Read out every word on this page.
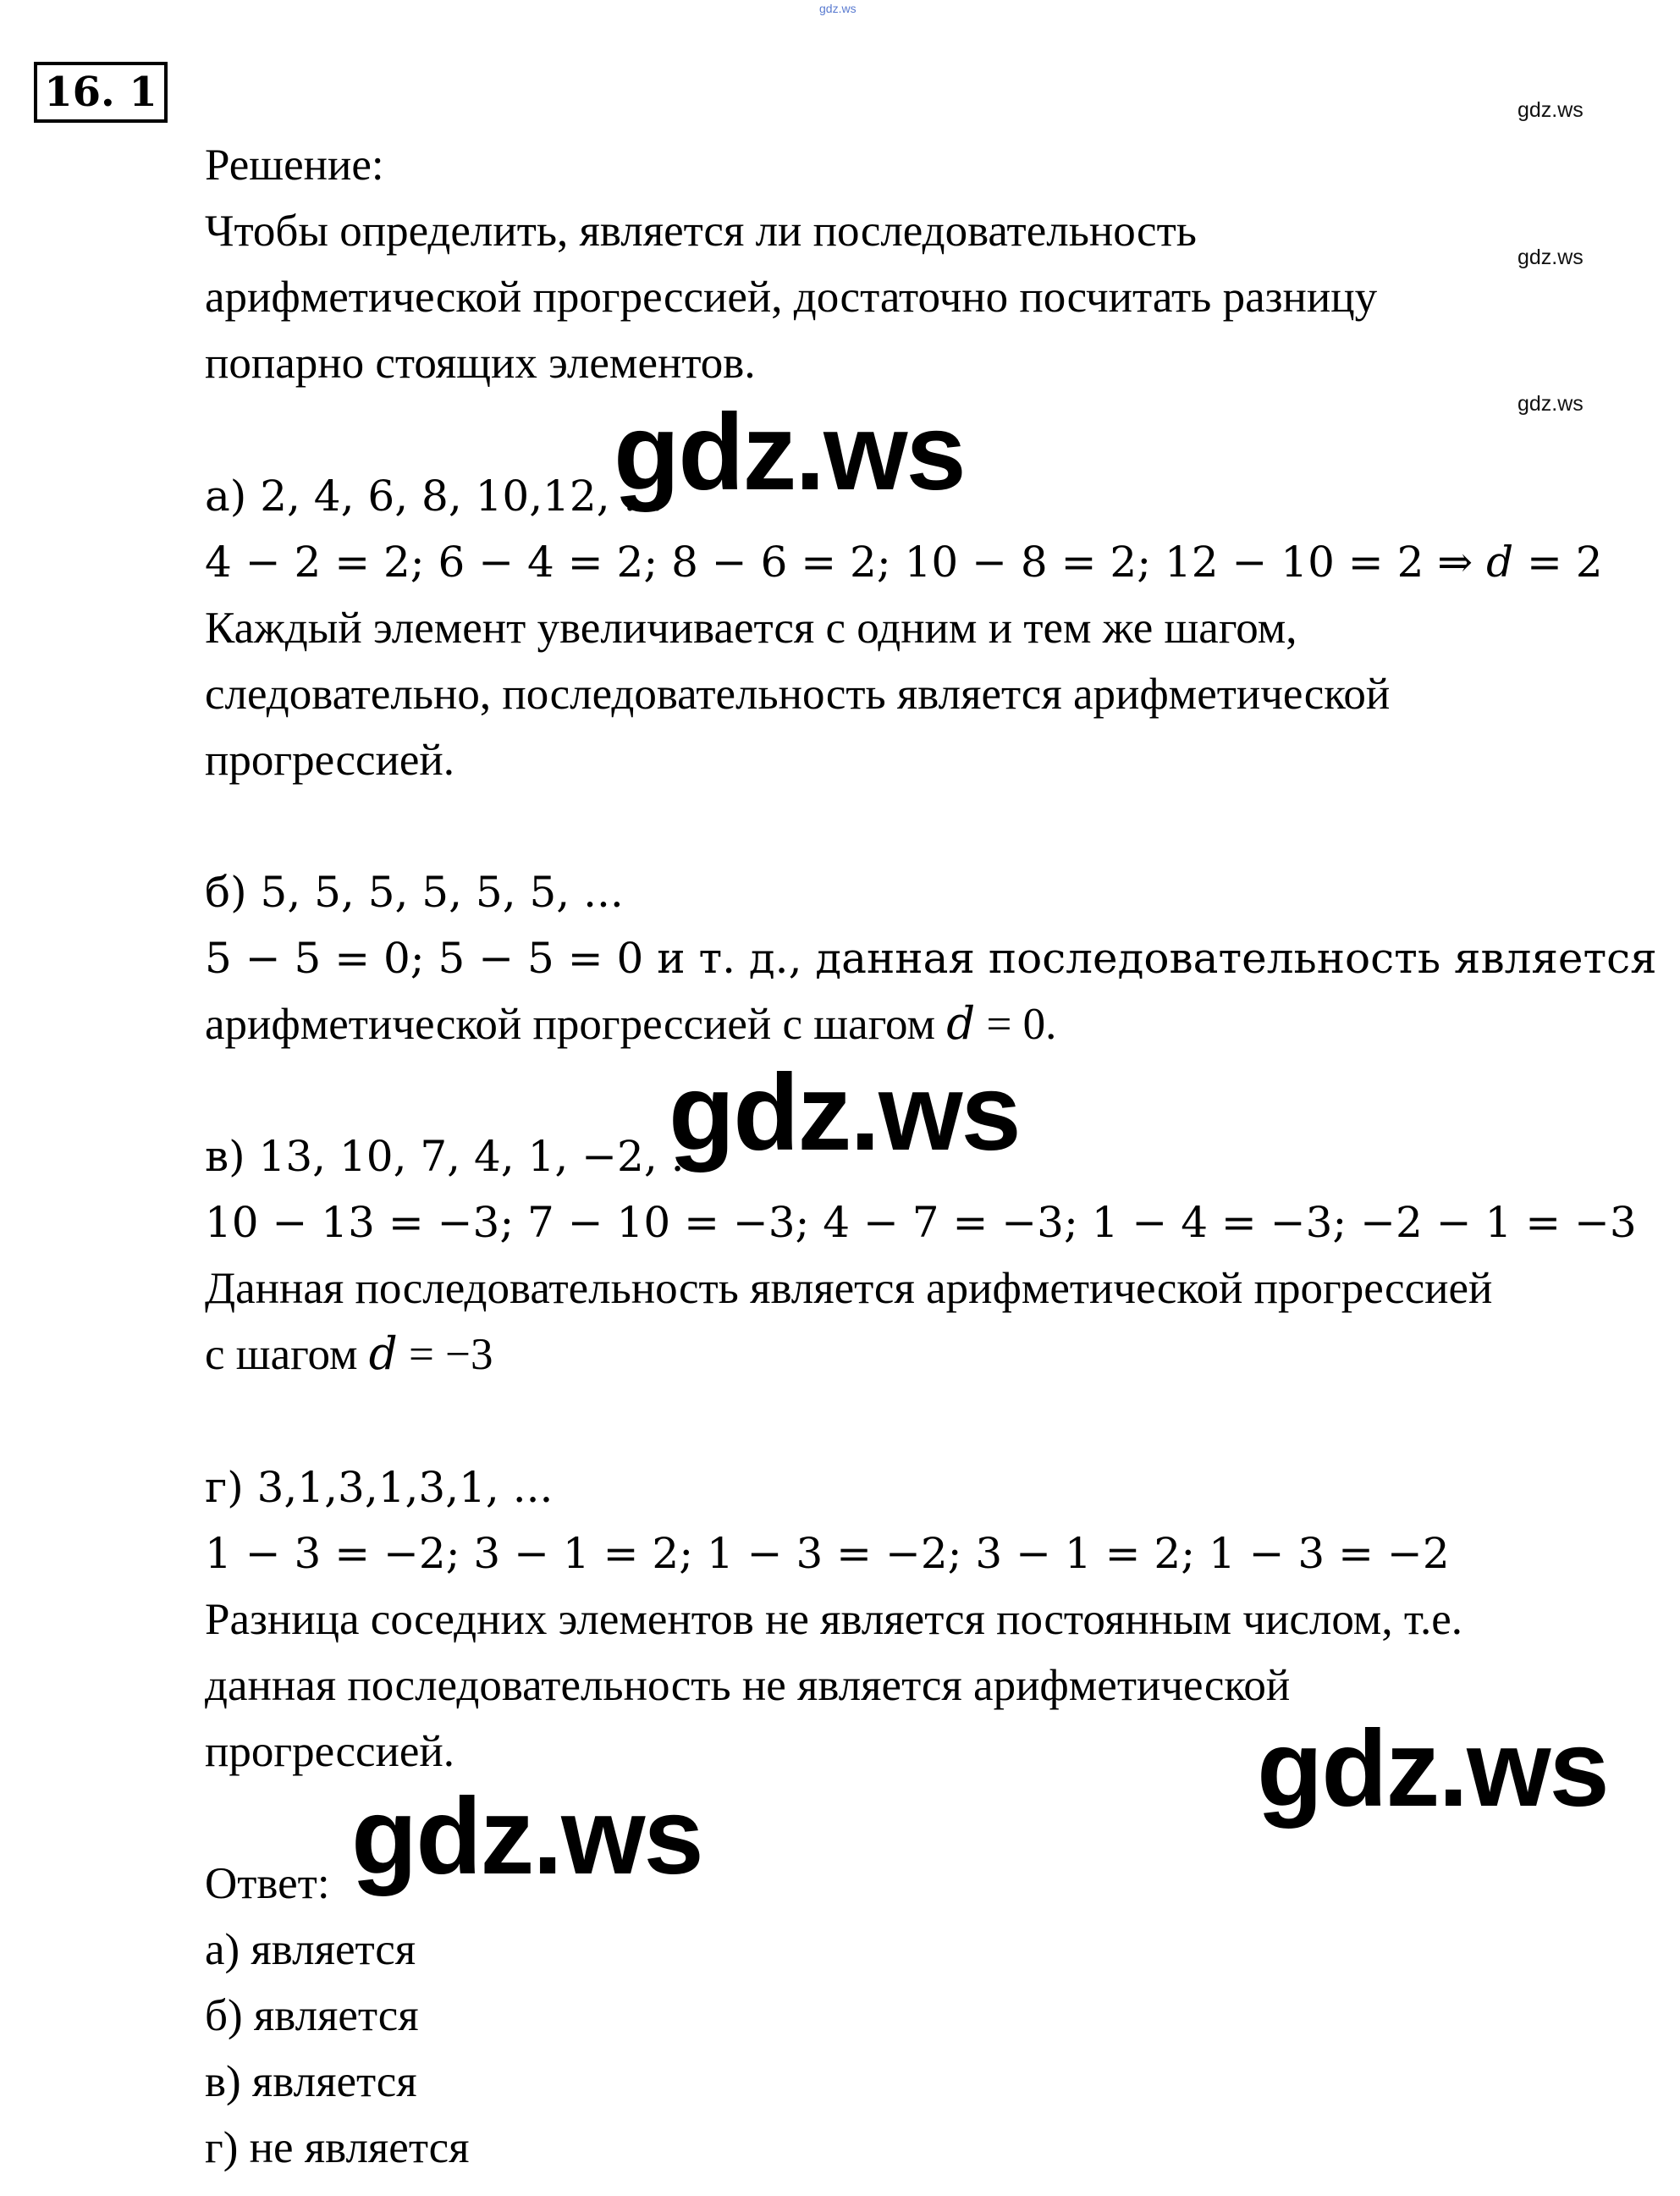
gdz.ws
16. 1	gdz.ws
gdz.ws
gdz.ws
Решение:
Чтобы определить, является ли последовательность
арифметической прогрессией, достаточно посчитать разницу
попарно стоящих элементов.
а) 2, 4, 6, 8, 10,12, ...
4 − 2 = 2; 6 − 4 = 2; 8 − 6 = 2; 10 − 8 = 2; 12 − 10 = 2 ⇒ 𝑑 = 2
Каждый элемент увеличивается с одним и тем же шагом,
следовательно, последовательность является арифметической
прогрессией.
б) 5, 5, 5, 5, 5, 5, ...
5 − 5 = 0; 5 − 5 = 0 и т. д., данная последовательность является
арифметической прогрессией с шагом 𝑑 = 0.
в) 13, 10, 7, 4, 1, −2, ...
10 − 13 = −3; 7 − 10 = −3; 4 − 7 = −3; 1 − 4 = −3; −2 − 1 = −3
Данная последовательность является арифметической прогрессией
с шагом 𝑑 = −3
г) 3,1,3,1,3,1, ...
1 − 3 = −2; 3 − 1 = 2; 1 − 3 = −2; 3 − 1 = 2; 1 − 3 = −2
Разница соседних элементов не является постоянным числом, т.е.
данная последовательность не является арифметической
прогрессией.
Ответ:
а) является
б) является
в) является
г) не является
gdz.ws
gdz.ws
gdz.ws
gdz.ws
